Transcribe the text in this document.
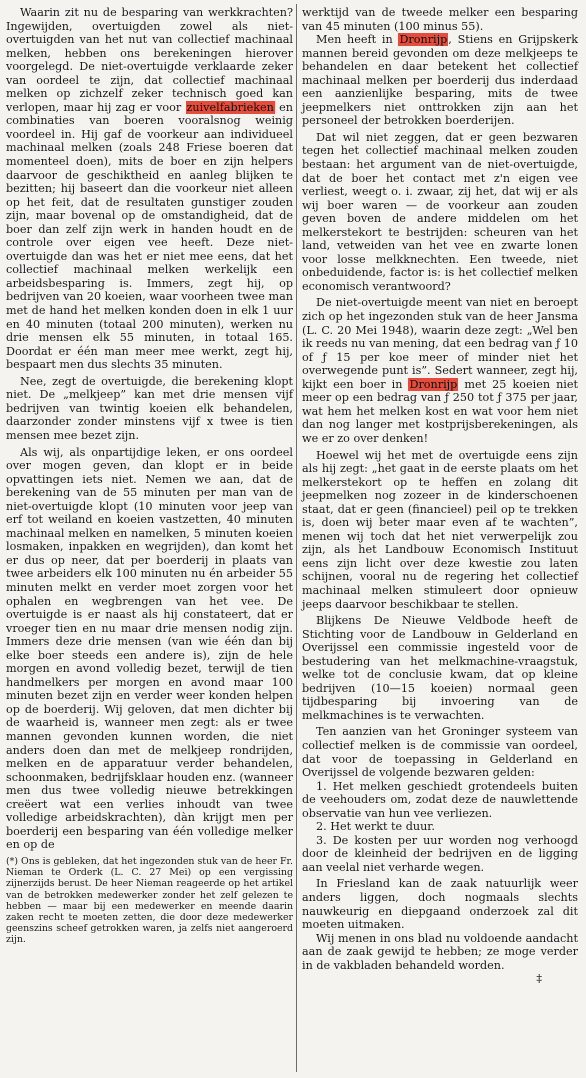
Waarin zit nu de besparing van werkkrachten? Ingewijden, overtuigden zowel als niet-overtuigden van het nut van collectief machinaal melken, hebben ons berekeningen hierover voorgelegd. De niet-overtuigde verklaarde zeker van oordeel te zijn, dat collectief machinaal melken op zichzelf zeker technisch goed kan verlopen, maar hij zag er voor zuivelfabrieken en combinaties van boeren vooralsnog weinig voordeel in. Hij gaf de voorkeur aan individueel machinaal melken (zoals 248 Friese boeren dat momenteel doen), mits de boer en zijn helpers daarvoor de geschiktheid en aanleg blijken te bezitten; hij baseert dan die voorkeur niet alleen op het feit, dat de resultaten gunstiger zouden zijn, maar bovenal op de omstandigheid, dat de boer dan zelf zijn werk in handen houdt en de controle over eigen vee heeft. Deze niet-overtuigde dan was het er niet mee eens, dat het collectief machinaal melken werkelijk een arbeidsbesparing is. Immers, zegt hij, op bedrijven van 20 koeien, waar voorheen twee man met de hand het melken konden doen in elk 1 uur en 40 minuten (totaal 200 minuten), werken nu drie mensen elk 55 minuten, in totaal 165. Doordat er één man meer mee werkt, zegt hij, bespaart men dus slechts 35 minuten.

Nee, zegt de overtuigde, die berekening klopt niet. De „melkjeep” kan met drie mensen vijf bedrijven van twintig koeien elk behandelen, daarzonder zonder minstens vijf x twee is tien mensen mee bezet zijn.

Als wij, als onpartijdige leken, er ons oordeel over mogen geven, dan klopt er in beide opvattingen iets niet. Nemen we aan, dat de berekening van de 55 minuten per man van de niet-overtuigde klopt (10 minuten voor jeep van erf tot weiland en koeien vastzetten, 40 minuten machinaal melken en namelken, 5 minuten koeien losmaken, inpakken en wegrijden), dan komt het er dus op neer, dat per boerderij in plaats van twee arbeiders elk 100 minuten nu én arbeider 55 minuten melkt en verder moet zorgen voor het ophalen en wegbrengen van het vee. De overtuigde is er naast als hij constateert, dat er vroeger tien en nu maar drie mensen nodig zijn. Immers deze drie mensen (van wie één dan bij elke boer steeds een andere is), zijn de hele morgen en avond volledig bezet, terwijl de tien handmelkers per morgen en avond maar 100 minuten bezet zijn en verder weer konden helpen op de boerderij. Wij geloven, dat men dichter bij de waarheid is, wanneer men zegt: als er twee mannen gevonden kunnen worden, die niet anders doen dan met de melkjeep rondrijden, melken en de apparatuur verder behandelen, schoonmaken, bedrijfsklaar houden enz. (wanneer men dus twee volledig nieuwe betrekkingen creëert wat een verlies inhoudt van twee volledige arbeidskrachten), dàn krijgt men per boerderij een besparing van één volledige melker en op de

(*) Ons is gebleken, dat het ingezonden stuk van de heer Fr. Nieman te Orderk (L. C. 27 Mei) op een vergissing zijnerzijds berust. De heer Nieman reageerde op het artikel van de betrokken medewerker zonder het zelf gelezen te hebben — maar bij een medewerker en meende daarin zaken recht te moeten zetten, die door deze medewerker geenszins scheef getrokken waren, ja zelfs niet aangeroerd zijn.

werktijd van de tweede melker een besparing van 45 minuten (100 minus 55).

Men heeft in Dronrijp, Stiens en Grijpskerk mannen bereid gevonden om deze melkjeeps te behandelen en daar betekent het collectief machinaal melken per boerderij dus inderdaad een aanzienlijke besparing, mits de twee jeepmelkers niet onttrokken zijn aan het personeel der betrokken boerderijen.

Dat wil niet zeggen, dat er geen bezwaren tegen het collectief machinaal melken zouden bestaan: het argument van de niet-overtuigde, dat de boer het contact met z'n eigen vee verliest, weegt o. i. zwaar, zij het, dat wij er als wij boer waren — de voorkeur aan zouden geven boven de andere middelen om het melkerstekort te bestrijden: scheuren van het land, vetweiden van het vee en zwarte lonen voor losse melkknechten. Een tweede, niet onbeduidende, factor is: is het collectief melken economisch verantwoord?

De niet-overtuigde meent van niet en beroept zich op het ingezonden stuk van de heer Jansma (L. C. 20 Mei 1948), waarin deze zegt: „Wel ben ik reeds nu van mening, dat een bedrag van ƒ 10 of ƒ 15 per koe meer of minder niet het overwegende punt is”. Sedert wanneer, zegt hij, kijkt een boer in Dronrijp met 25 koeien niet meer op een bedrag van ƒ 250 tot ƒ 375 per jaar, wat hem het melken kost en wat voor hem niet dan nog langer met kostprijsberekeningen, als we er zo over denken!

Hoewel wij het met de overtuigde eens zijn als hij zegt: „het gaat in de eerste plaats om het melkerstekort op te heffen en zolang dit jeepmelken nog zozeer in de kinderschoenen staat, dat er geen (financieel) peil op te trekken is, doen wij beter maar even af te wachten”, menen wij toch dat het niet verwerpelijk zou zijn, als het Landbouw Economisch Instituut eens zijn licht over deze kwestie zou laten schijnen, vooral nu de regering het collectief machinaal melken stimuleert door opnieuw jeeps daarvoor beschikbaar te stellen.

Blijkens De Nieuwe Veldbode heeft de Stichting voor de Landbouw in Gelderland en Overijssel een commissie ingesteld voor de bestudering van het melkmachine-vraagstuk, welke tot de conclusie kwam, dat op kleine bedrijven (10—15 koeien) normaal geen tijdbesparing bij invoering van de melkmachines is te verwachten.

Ten aanzien van het Groninger systeem van collectief melken is de commissie van oordeel, dat voor de toepassing in Gelderland en Overijssel de volgende bezwaren gelden:

1. Het melken geschiedt grotendeels buiten de veehouders om, zodat deze de nauwlettende observatie van hun vee verliezen.

2. Het werkt te duur.

3. De kosten per uur worden nog verhoogd door de kleinheid der bedrijven en de ligging aan veelal niet verharde wegen.

In Friesland kan de zaak natuurlijk weer anders liggen, doch nogmaals slechts nauwkeurig en diepgaand onderzoek zal dit moeten uitmaken.

Wij menen in ons blad nu voldoende aandacht aan de zaak gewijd te hebben; ze moge verder in de vakbladen behandeld worden.

‡
